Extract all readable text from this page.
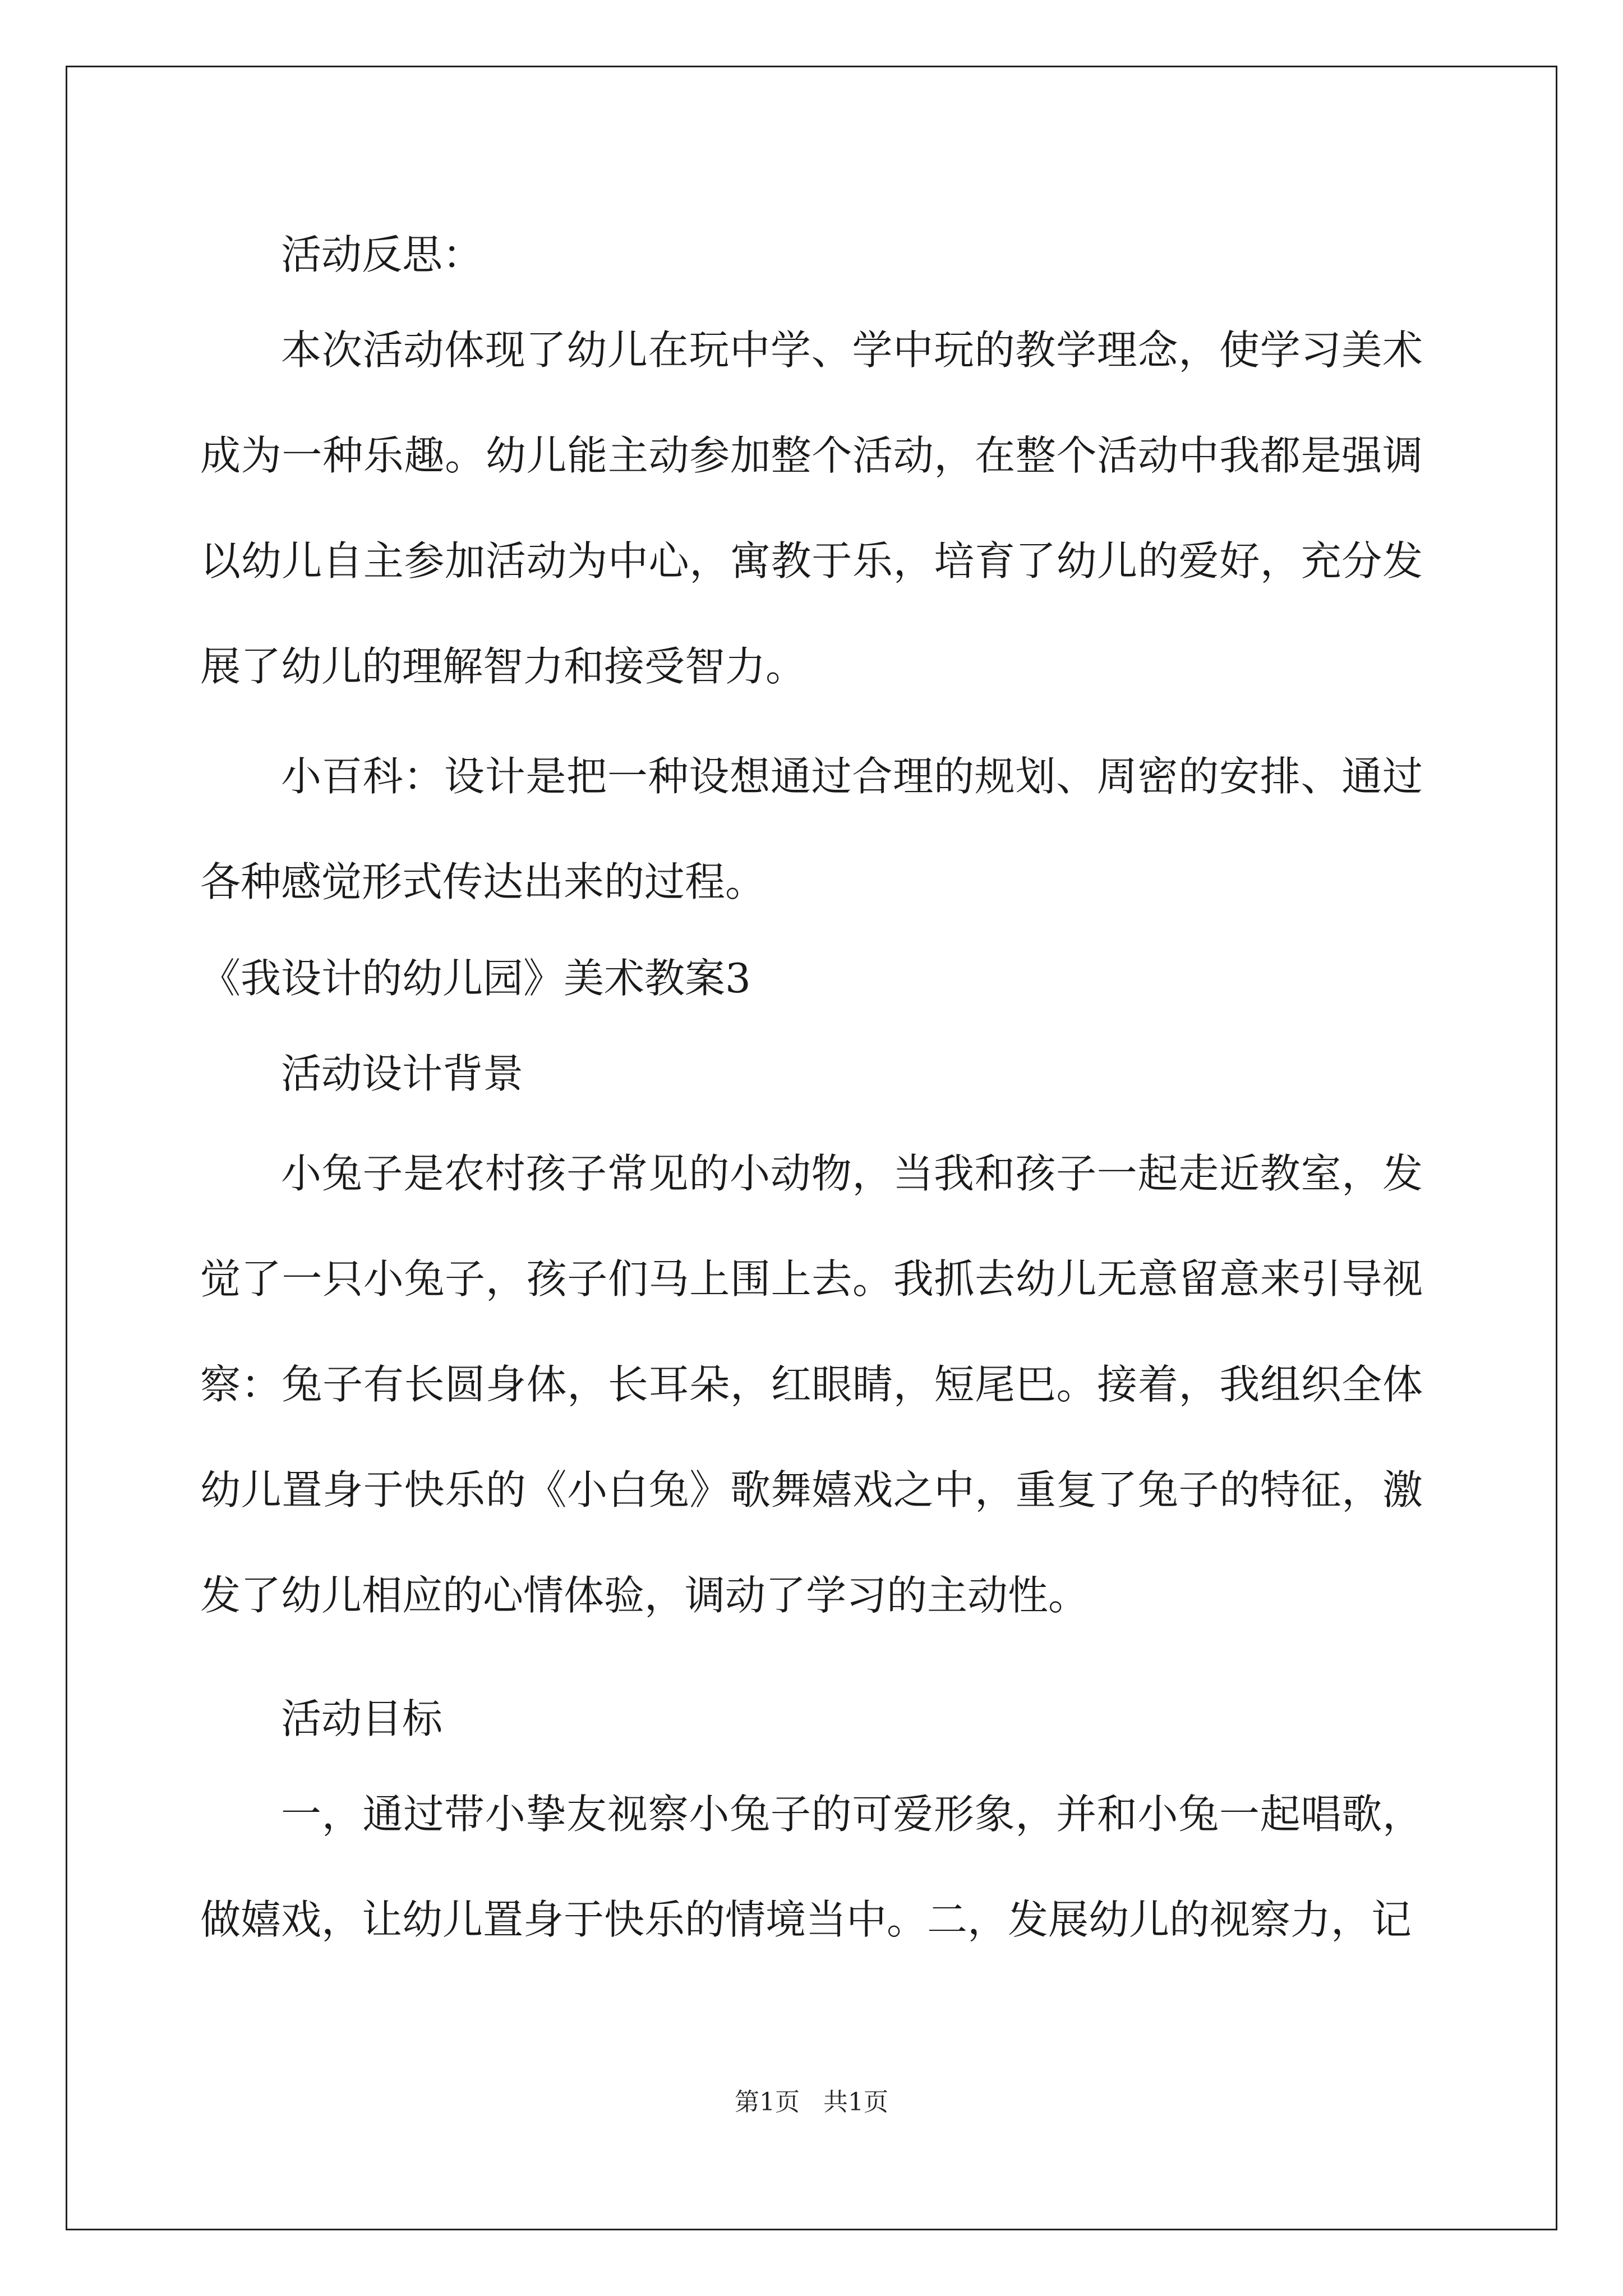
活动反思：
本次活动体现了幼儿在玩中学、学中玩的教学理念，使学习美术成为一种乐趣。幼儿能主动参加整个活动，在整个活动中我都是强调以幼儿自主参加活动为中心，寓教于乐，培育了幼儿的爱好，充分发展了幼儿的理解智力和接受智力。
小百科：设计是把一种设想通过合理的规划、周密的安排、通过各种感觉形式传达出来的过程。
《我设计的幼儿园》美术教案3
活动设计背景
小兔子是农村孩子常见的小动物，当我和孩子一起走近教室，发觉了一只小兔子，孩子们马上围上去。我抓去幼儿无意留意来引导视察：兔子有长圆身体，长耳朵，红眼睛，短尾巴。接着，我组织全体幼儿置身于快乐的《小白兔》歌舞嬉戏之中，重复了兔子的特征，激发了幼儿相应的心情体验，调动了学习的主动性。
活动目标
一，通过带小挚友视察小兔子的可爱形象，并和小兔一起唱歌，做嬉戏，让幼儿置身于快乐的情境当中。二，发展幼儿的视察力，记
第1页 共1页
